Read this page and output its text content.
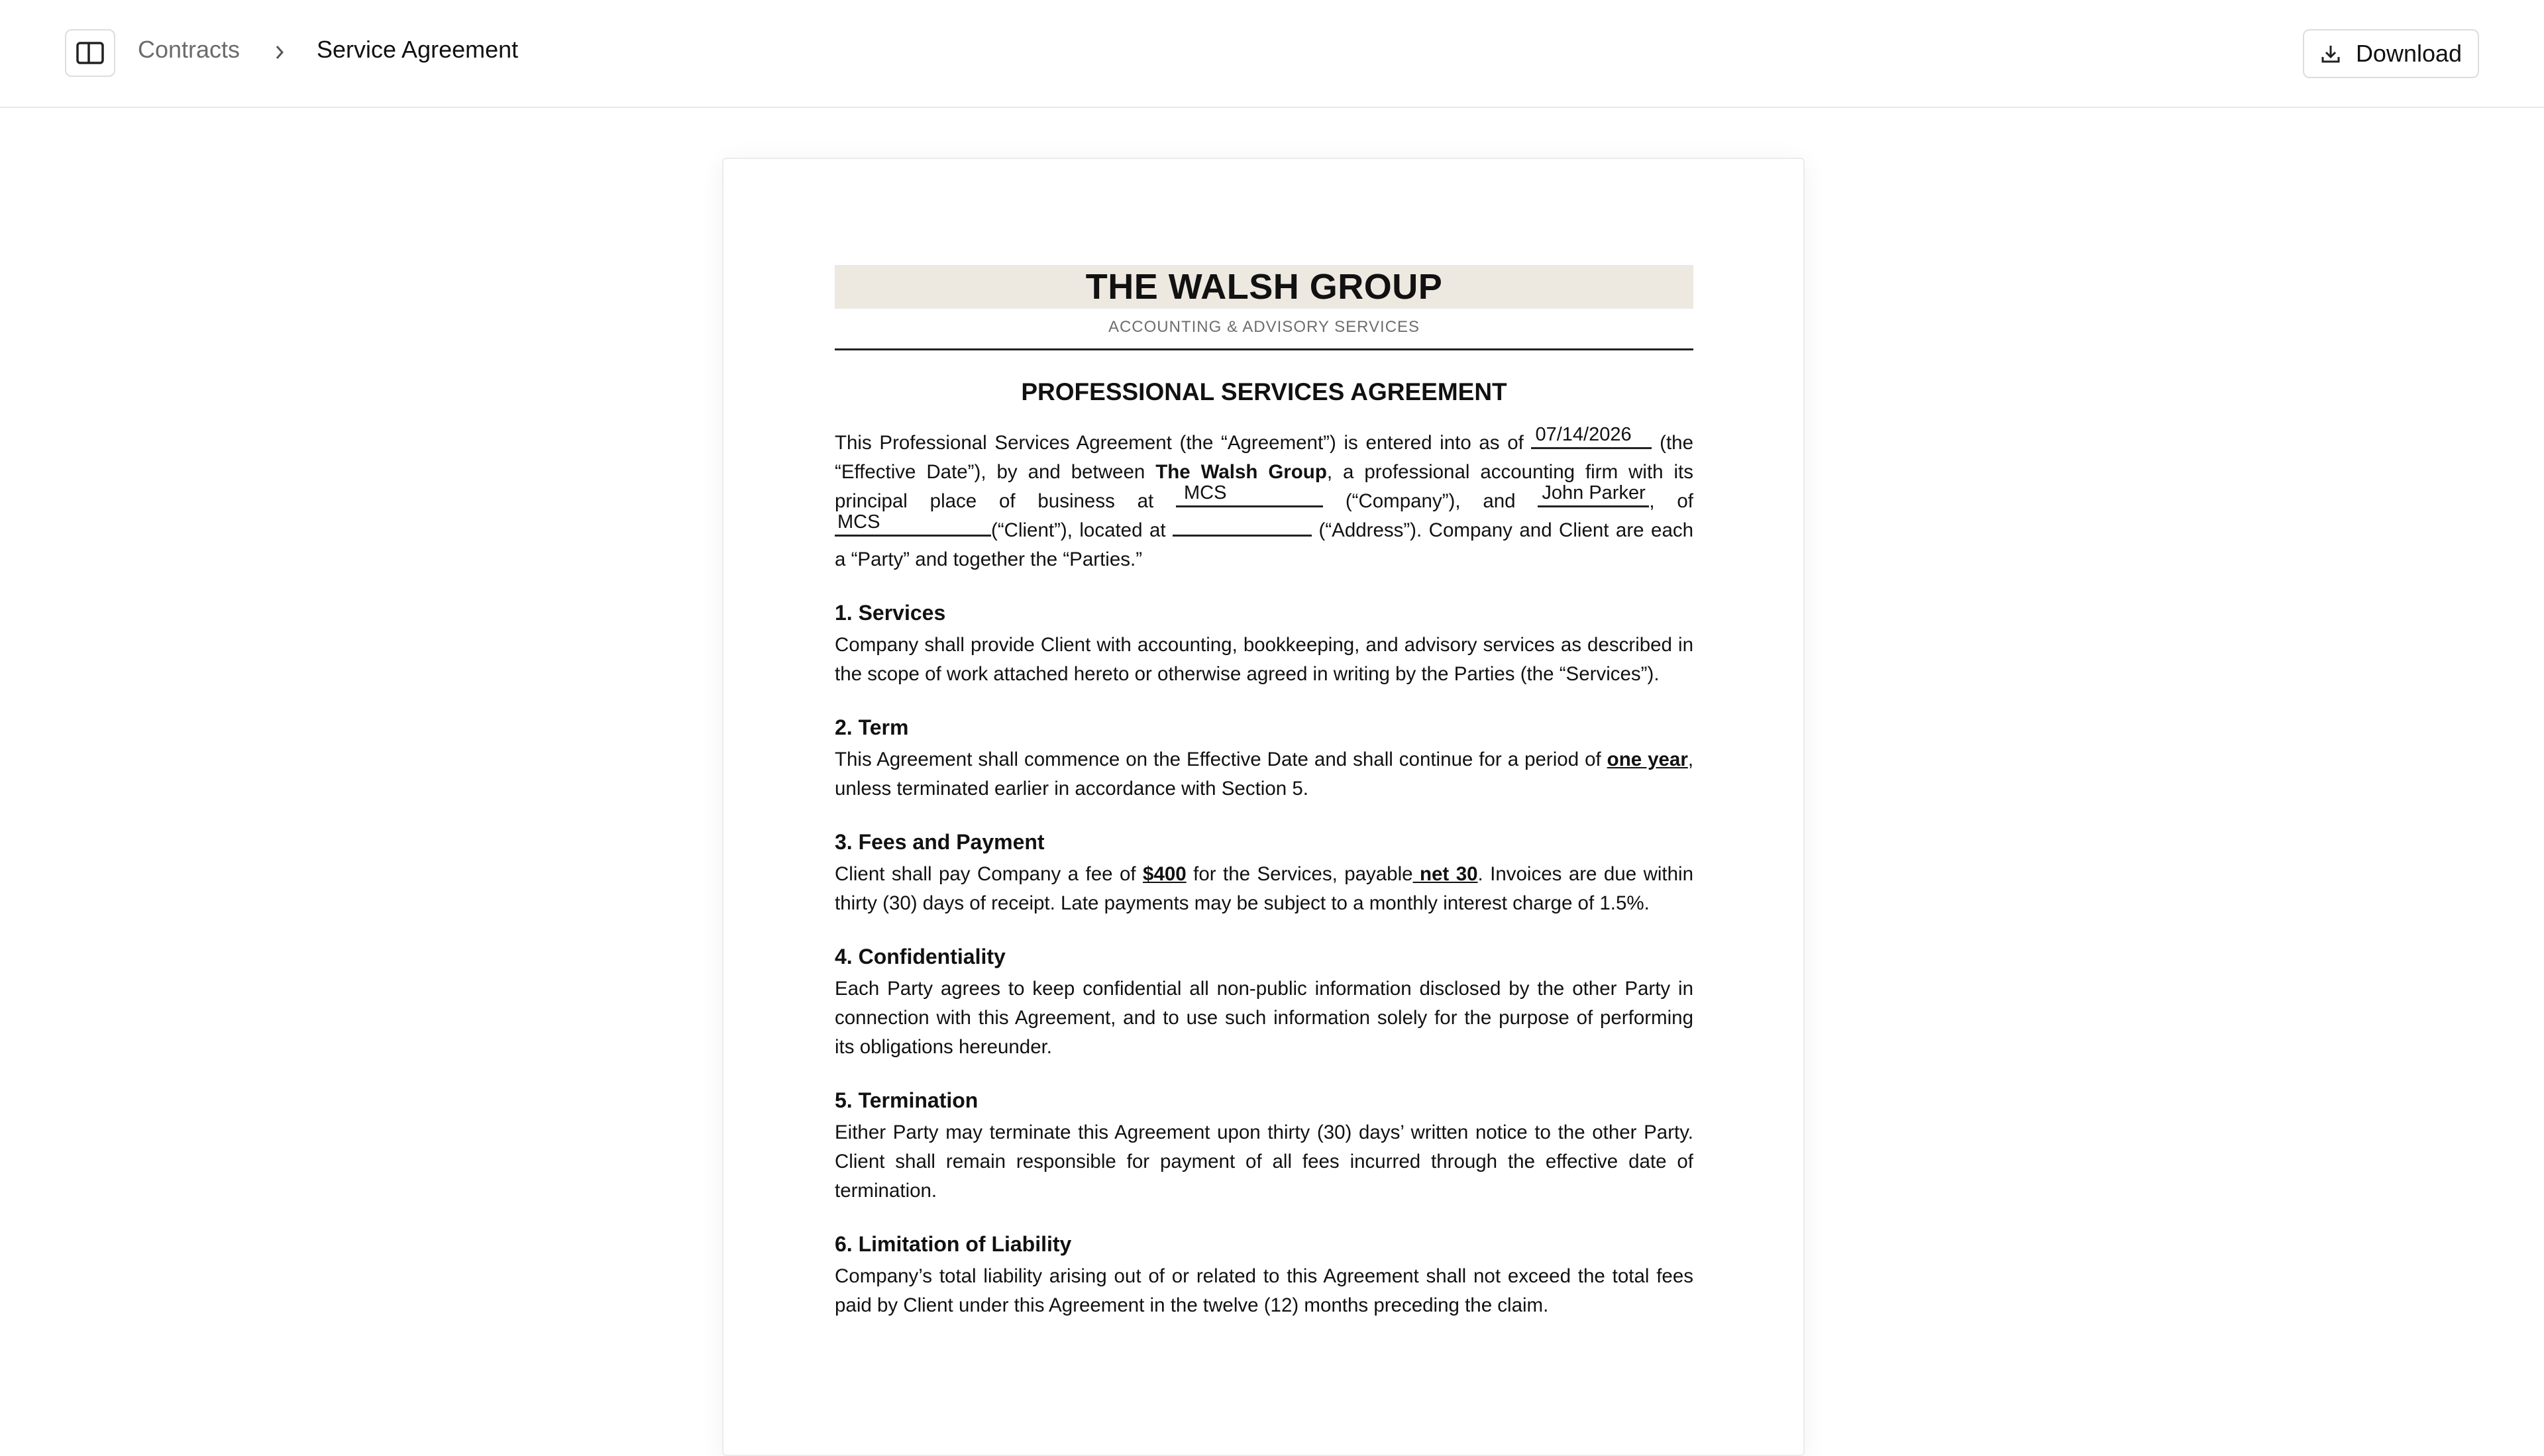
Contracts	Service Agreement	Download
THE WALSH GROUP
ACCOUNTING & ADVISORY SERVICES
PROFESSIONAL SERVICES AGREEMENT

This Professional Services Agreement (the “Agreement”) is entered into as of 07/14/2026 (the “Effective Date”), by and between The Walsh Group, a professional accounting firm with its principal place of business at MCS	(“Company”), and John Parker , of
MCS	(“Client”), located at	(“Address”). Company and Client are each a “Party” and together the “Parties.”

1. Services

Company shall provide Client with accounting, bookkeeping, and advisory services as described in the scope of work attached hereto or otherwise agreed in writing by the Parties (the “Services”).

2. Term

This Agreement shall commence on the Effective Date and shall continue for a period of one year, unless terminated earlier in accordance with Section 5.

3. Fees and Payment

Client shall pay Company a fee of $400 for the Services, payable net 30. Invoices are due within thirty (30) days of receipt. Late payments may be subject to a monthly interest charge of 1.5%.

4. Confidentiality

Each Party agrees to keep confidential all non-public information disclosed by the other Party in connection with this Agreement, and to use such information solely for the purpose of performing its obligations hereunder.

5. Termination

Either Party may terminate this Agreement upon thirty (30) days’ written notice to the other Party. Client shall remain responsible for payment of all fees incurred through the effective date of termination.

6. Limitation of Liability

Company’s total liability arising out of or related to this Agreement shall not exceed the total fees paid by Client under this Agreement in the twelve (12) months preceding the claim.
